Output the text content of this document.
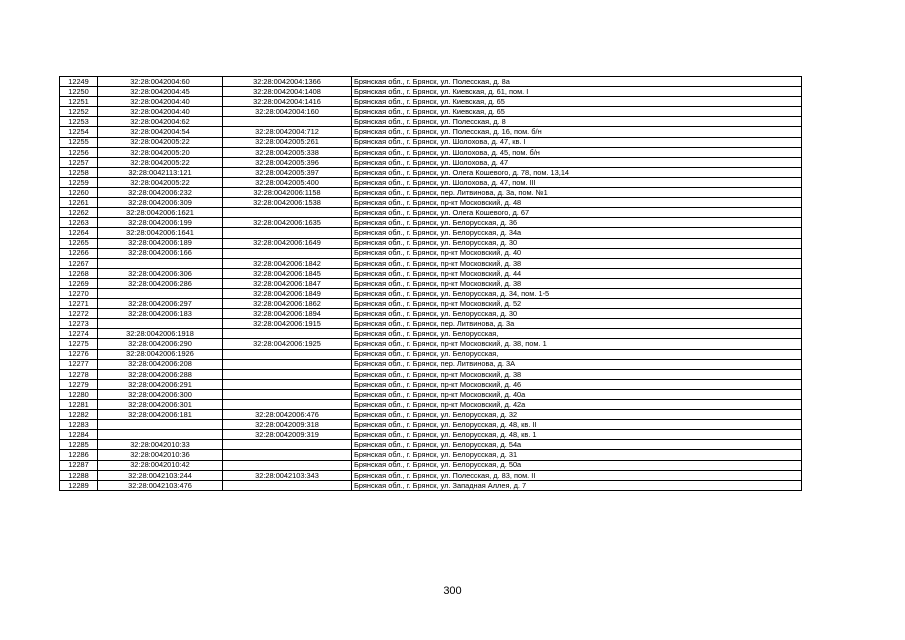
12249	32:28:0042004:60	32:28:0042004:1366	Брянская обл., г. Брянск, ул. Полесская, д. 8а
12250	32:28:0042004:45	32:28:0042004:1408	Брянская обл., г. Брянск, ул. Киевская, д. 61, пом. I
12251	32:28:0042004:40	32:28:0042004:1416	Брянская обл., г. Брянск, ул. Киевская, д. 65
12252	32:28:0042004:40	32:28:0042004:160	Брянская обл., г. Брянск, ул. Киевская, д. 65
12253	32:28:0042004:62		Брянская обл., г. Брянск, ул. Полесская, д. 8
12254	32:28:0042004:54	32:28:0042004:712	Брянская обл., г. Брянск, ул. Полесская, д. 16, пом. б/н
12255	32:28:0042005:22	32:28:0042005:261	Брянская обл., г. Брянск, ул. Шолохова, д. 47, кв. I
12256	32:28:0042005:20	32:28:0042005:338	Брянская обл., г. Брянск, ул. Шолохова, д. 45, пом. б/н
12257	32:28:0042005:22	32:28:0042005:396	Брянская обл., г. Брянск, ул. Шолохова, д. 47
12258	32:28:0042113:121	32:28:0042005:397	Брянская обл., г. Брянск, ул. Олега Кошевого, д. 78, пом. 13,14
12259	32:28:0042005:22	32:28:0042005:400	Брянская обл., г. Брянск, ул. Шолохова, д. 47, пом. III
12260	32:28:0042006:232	32:28:0042006:1158	Брянская обл., г. Брянск, пер. Литвинова, д. 3а, пом. №1
12261	32:28:0042006:309	32:28:0042006:1538	Брянская обл., г. Брянск, пр-кт Московский, д. 48
12262	32:28:0042006:1621		Брянская обл., г. Брянск, ул. Олега Кошевого, д. 67
12263	32:28:0042006:199	32:28:0042006:1635	Брянская обл., г. Брянск, ул. Белорусская, д. 36
12264	32:28:0042006:1641		Брянская обл., г. Брянск, ул. Белорусская, д. 34а
12265	32:28:0042006:189	32:28:0042006:1649	Брянская обл., г. Брянск, ул. Белорусская, д. 30
12266	32:28:0042006:166		Брянская обл., г. Брянск, пр-кт Московский, д. 40
12267		32:28:0042006:1842	Брянская обл., г. Брянск, пр-кт Московский, д. 38
12268	32:28:0042006:306	32:28:0042006:1845	Брянская обл., г. Брянск, пр-кт Московский, д. 44
12269	32:28:0042006:286	32:28:0042006:1847	Брянская обл., г. Брянск, пр-кт Московский, д. 38
12270		32:28:0042006:1849	Брянская обл., г. Брянск, ул. Белорусская, д. 34, пом. 1-5
12271	32:28:0042006:297	32:28:0042006:1862	Брянская обл., г. Брянск, пр-кт Московский, д. 52
12272	32:28:0042006:183	32:28:0042006:1894	Брянская обл., г. Брянск, ул. Белорусская, д. 30
12273		32:28:0042006:1915	Брянская обл., г. Брянск, пер. Литвинова, д. 3а
12274	32:28:0042006:1918		Брянская обл., г. Брянск, ул. Белорусская,
12275	32:28:0042006:290	32:28:0042006:1925	Брянская обл., г. Брянск, пр-кт Московский, д. 38, пом. 1
12276	32:28:0042006:1926		Брянская обл., г. Брянск, ул. Белорусская,
12277	32:28:0042006:208		Брянская обл., г. Брянск, пер. Литвинова, д. 3А
12278	32:28:0042006:288		Брянская обл., г. Брянск, пр-кт Московский, д. 38
12279	32:28:0042006:291		Брянская обл., г. Брянск, пр-кт Московский, д. 46
12280	32:28:0042006:300		Брянская обл., г. Брянск, пр-кт Московский, д. 40а
12281	32:28:0042006:301		Брянская обл., г. Брянск, пр-кт Московский, д. 42а
12282	32:28:0042006:181	32:28:0042006:476	Брянская обл., г. Брянск, ул. Белорусская, д. 32
12283		32:28:0042009:318	Брянская обл., г. Брянск, ул. Белорусская, д. 48, кв. II
12284		32:28:0042009:319	Брянская обл., г. Брянск, ул. Белорусская, д. 48, кв. 1
12285	32:28:0042010:33		Брянская обл., г. Брянск, ул. Белорусская, д. 54а
12286	32:28:0042010:36		Брянская обл., г. Брянск, ул. Белорусская, д. 31
12287	32:28:0042010:42		Брянская обл., г. Брянск, ул. Белорусская, д. 50а
12288	32:28:0042103:244	32:28:0042103:343	Брянская обл., г. Брянск, ул. Полесская, д. 83, пом. II
12289	32:28:0042103:476		Брянская обл., г. Брянск, ул. Западная Аллея, д. 7
300
